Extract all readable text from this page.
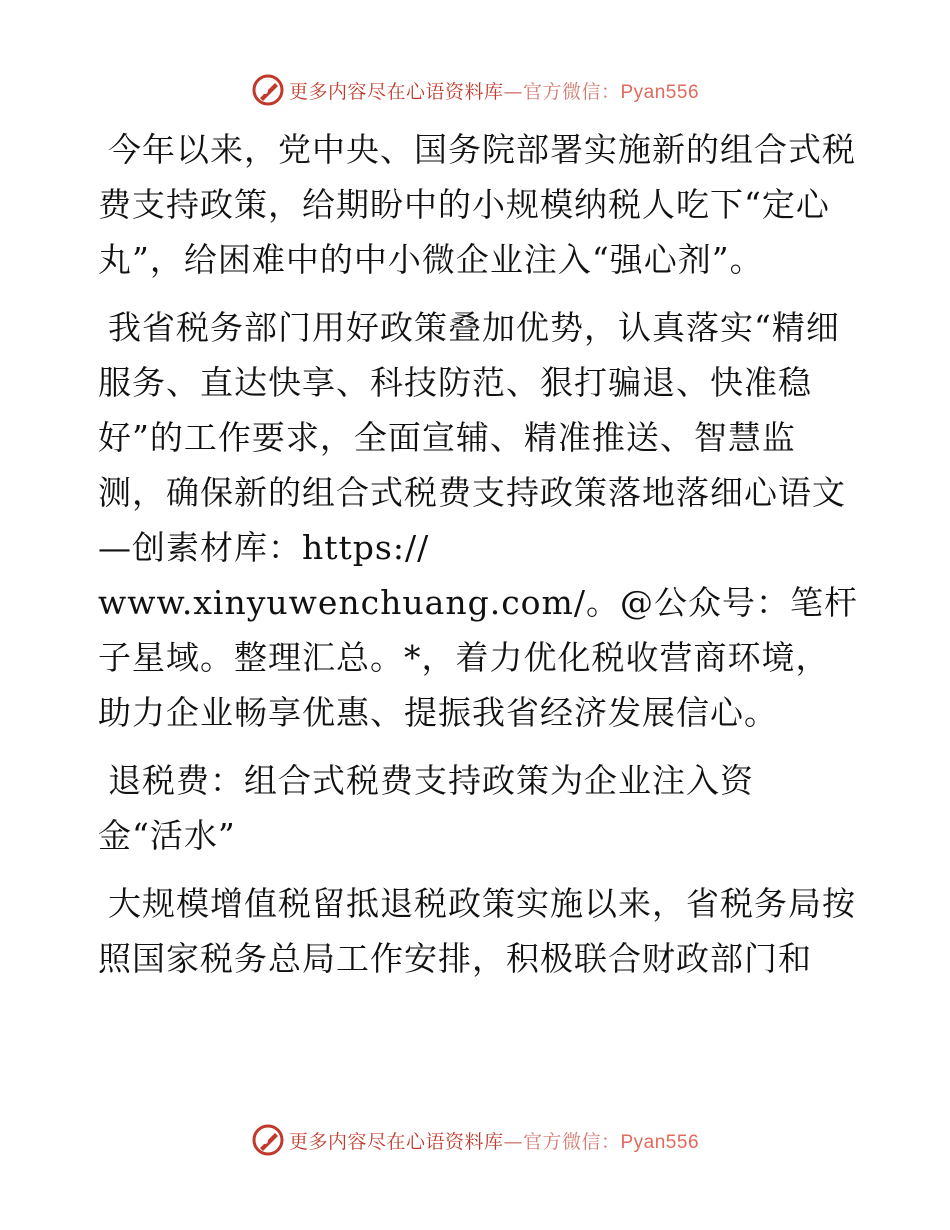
更多内容尽在心语资料库—官方微信：Pyan556

今年以来，党中央、国务院部署实施新的组合式税费支持政策，给期盼中的小规模纳税人吃下“定心丸”，给困难中的中小微企业注入“强心剂”。

我省税务部门用好政策叠加优势，认真落实“精细服务、直达快享、科技防范、狠打骗退、快准稳好”的工作要求，全面宣辅、精准推送、智慧监测，确保新的组合式税费支持政策落地落细心语文—创素材库：https://

www.xinyuwenchuang.com/。@公众号：笔杆子星域。整理汇总。*，着力优化税收营商环境，助力企业畅享优惠、提振我省经济发展信心。

退税费：组合式税费支持政策为企业注入资金“活水”

大规模增值税留抵退税政策实施以来，省税务局按照国家税务总局工作安排，积极联合财政部门和

更多内容尽在心语资料库—官方微信：Pyan556
